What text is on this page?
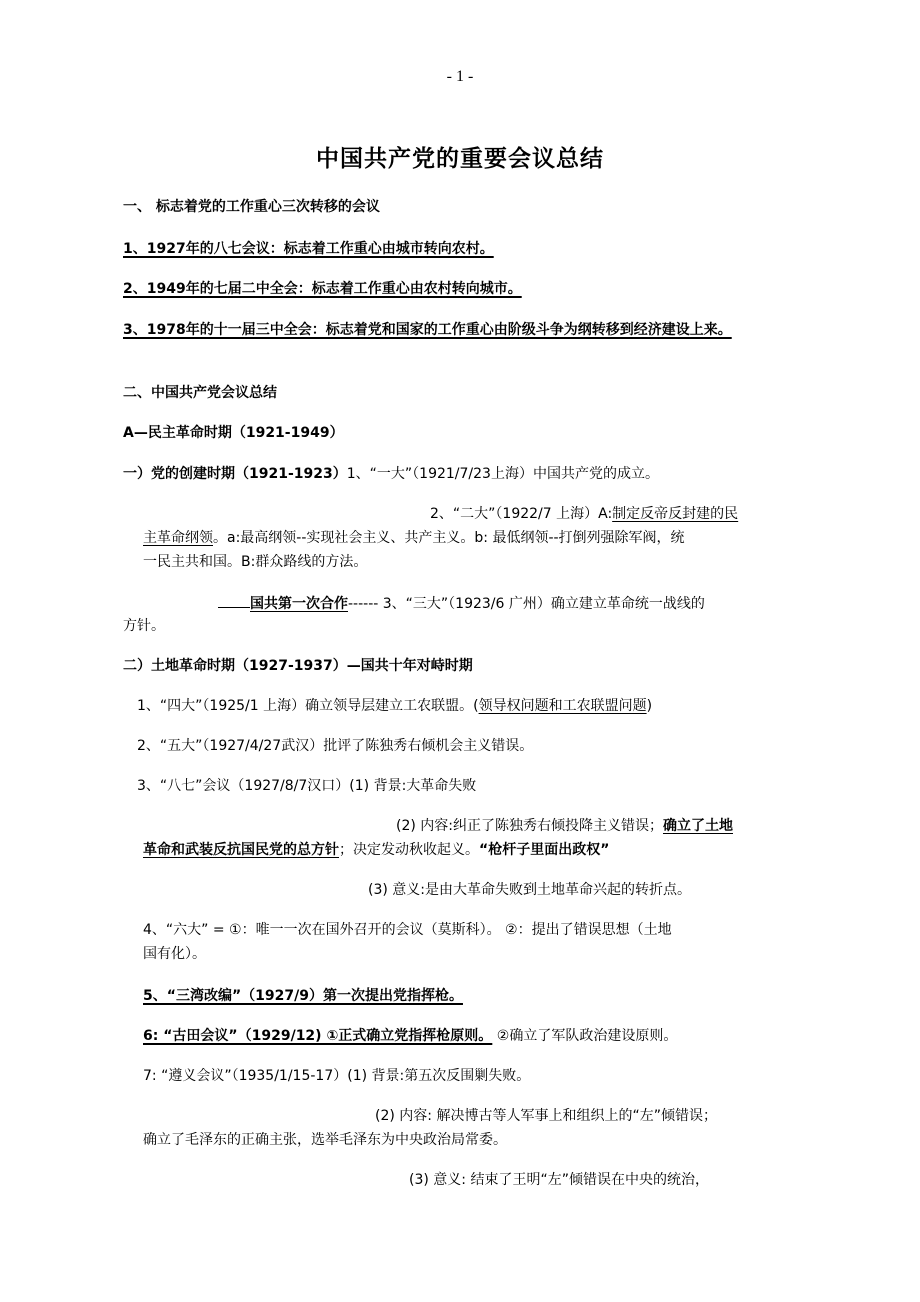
- 1 -
中国共产党的重要会议总结
一、 标志着党的工作重心三次转移的会议
1、1927年的八七会议：标志着工作重心由城市转向农村。
2、1949年的七届二中全会：标志着工作重心由农村转向城市。
3、1978年的十一届三中全会：标志着党和国家的工作重心由阶级斗争为纲转移到经济建设上来。
二、中国共产党会议总结
A—民主革命时期（1921-1949）
一）党的创建时期（1921-1923）1、“一大”（1921/7/23上海）中国共产党的成立。
2、“二大”（1922/7 上海）A:制定反帝反封建的民
主革命纲领。a:最高纲领--实现社会主义、共产主义。b: 最低纲领--打倒列强除军阀，统
一民主共和国。B:群众路线的方法。
国共第一次合作------ 3、“三大”（1923/6 广州）确立建立革命统一战线的
方针。
二）土地革命时期（1927-1937）—国共十年对峙时期
1、“四大”（1925/1 上海）确立领导层建立工农联盟。(领导权问题和工农联盟问题)
2、“五大”（1927/4/27武汉）批评了陈独秀右倾机会主义错误。
3、“八七”会议（1927/8/7汉口）(1) 背景:大革命失败
(2) 内容:纠正了陈独秀右倾投降主义错误；确立了土地
革命和武装反抗国民党的总方针；决定发动秋收起义。“枪杆子里面出政权”
(3) 意义:是由大革命失败到土地革命兴起的转折点。
4、“六大” = ①：唯一一次在国外召开的会议（莫斯科）。 ②：提出了错误思想（土地
国有化）。
5、“三湾改编”（1927/9）第一次提出党指挥枪。
6: “古田会议”（1929/12) ①正式确立党指挥枪原则。 ②确立了军队政治建设原则。
7: “遵义会议”（1935/1/15-17）(1) 背景:第五次反围剿失败。
(2) 内容: 解决博古等人军事上和组织上的“左”倾错误；
确立了毛泽东的正确主张，选举毛泽东为中央政治局常委。
(3) 意义: 结束了王明“左”倾错误在中央的统治，
